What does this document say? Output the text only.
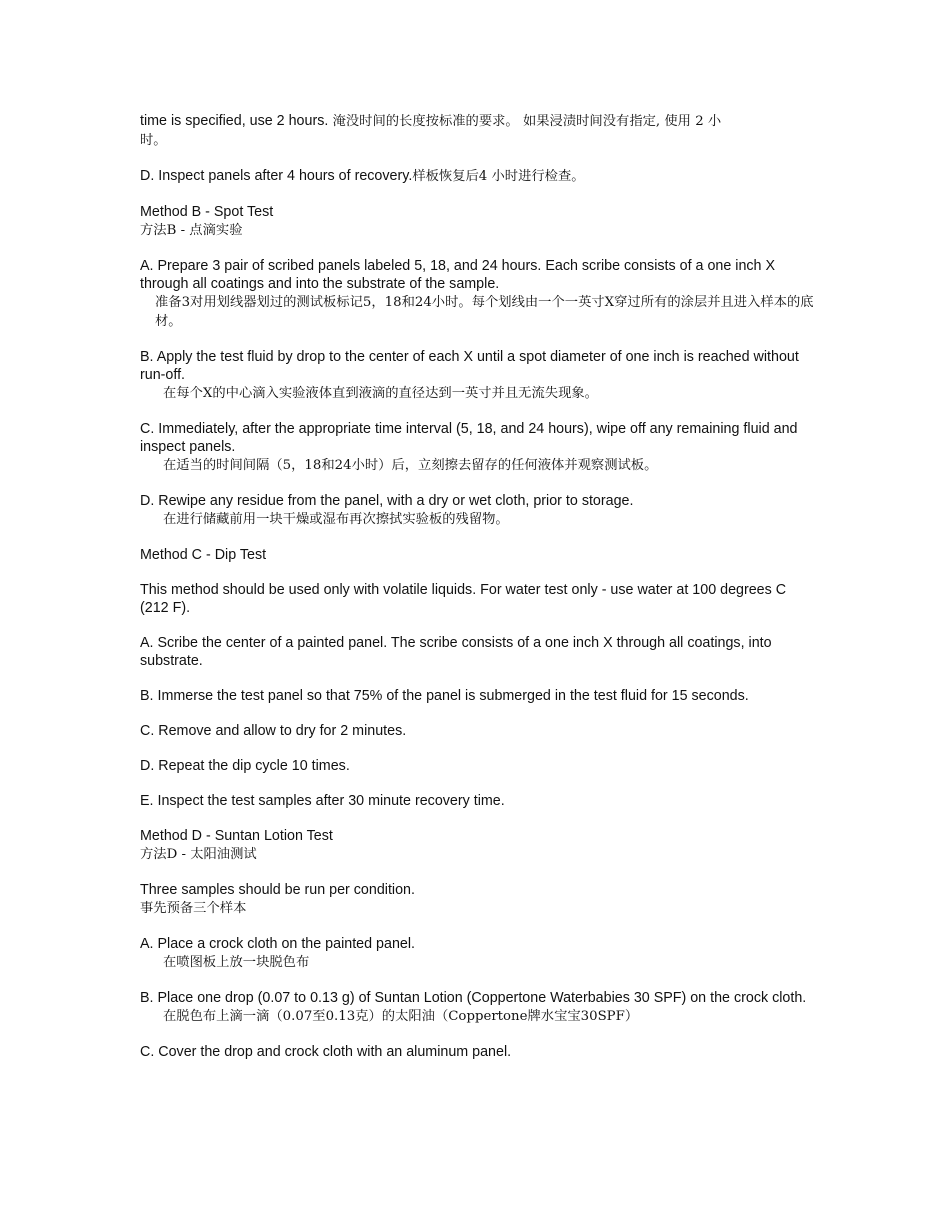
time is specified, use 2 hours. 淹没时间的长度按标准的要求。 如果浸渍时间没有指定, 使用 2 小

时。

D. Inspect panels after 4 hours of recovery.样板恢复后4 小时进行检查。

Method B - Spot Test

方法B - 点滴实验

A. Prepare 3 pair of scribed panels labeled 5, 18, and 24 hours. Each scribe consists of a one inch X through all coatings and into the substrate of the sample.

准备3对用划线器划过的测试板标记5，18和24小时。每个划线由一个一英寸X穿过所有的涂层并且进入样本的底材。

B. Apply the test fluid by drop to the center of each X until a spot diameter of one inch is reached without run-off.

在每个X的中心滴入实验液体直到液滴的直径达到一英寸并且无流失现象。

C. Immediately, after the appropriate time interval (5, 18, and 24 hours), wipe off any remaining fluid and inspect panels.

在适当的时间间隔（5，18和24小时）后，立刻擦去留存的任何液体并观察测试板。

D. Rewipe any residue from the panel, with a dry or wet cloth, prior to storage.

在进行储藏前用一块干燥或湿布再次擦拭实验板的残留物。

Method C - Dip Test

This method should be used only with volatile liquids. For water test only - use water at 100 degrees C (212 F).

A. Scribe the center of a painted panel. The scribe consists of a one inch X through all coatings, into substrate.

B. Immerse the test panel so that 75% of the panel is submerged in the test fluid for 15 seconds.

C. Remove and allow to dry for 2 minutes.

D. Repeat the dip cycle 10 times.

E. Inspect the test samples after 30 minute recovery time.

Method D - Suntan Lotion Test

方法D - 太阳油测试

Three samples should be run per condition.

事先预备三个样本

A. Place a crock cloth on the painted panel.

在喷图板上放一块脱色布

B. Place one drop (0.07 to 0.13 g) of Suntan Lotion (Coppertone Waterbabies 30 SPF) on the crock cloth.

在脱色布上滴一滴（0.07至0.13克）的太阳油（Coppertone牌水宝宝30SPF）

C. Cover the drop and crock cloth with an aluminum panel.
